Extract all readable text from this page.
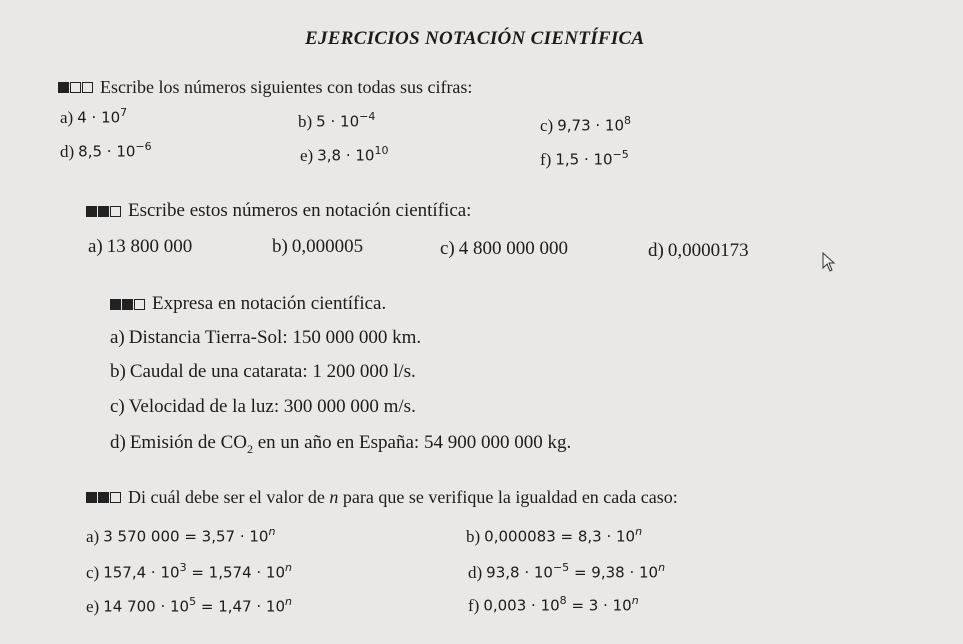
EJERCICIOS NOTACIÓN CIENTÍFICA
Escribe los números siguientes con todas sus cifras:
a) $4 \cdot 10^7$	b) $5 \cdot 10^{-4}$	c) $9,73 \cdot 10^8$
d) $8,5 \cdot 10^{-6}$	e) $3,8 \cdot 10^{10}$	f) $1,5 \cdot 10^{-5}$
Escribe estos números en notación científica:
a) 13 800 000	b) 0,000005	c) 4 800 000 000	d) 0,0000173
Expresa en notación científica.
a) Distancia Tierra-Sol: 150 000 000 km.
b) Caudal de una catarata: 1 200 000 l/s.
c) Velocidad de la luz: 300 000 000 m/s.
d) Emisión de $CO_2$ en un año en España: 54 900 000 000 kg.
Di cuál debe ser el valor de n para que se verifique la igualdad en cada caso:
a) 3 570 $000 = 3,57 \cdot 10^n$	b) $0,000083 = 8,3 \cdot 10^n$
c) $157,4 \cdot 10^3 = 1,574 \cdot 10^n$	d) $93,8 \cdot 10^{-5} = 9,38 \cdot 10^n$
e) 14 $700 \cdot 10^5 = 1,47 \cdot 10^n$	f) $0,003 \cdot 10^8 = 3 \cdot 10^n$
